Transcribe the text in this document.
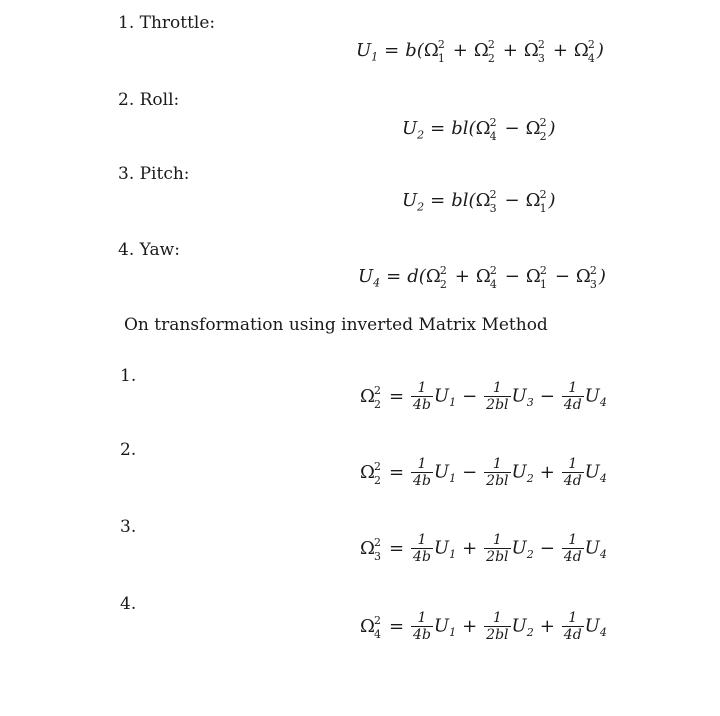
1. Throttle:
$U_1 = b(\Omega$ 2
1 + Ω 2
2 + Ω 2
3 + Ω 2
4 )
2. Roll:
$U_2 = bl(\Omega$ 2
4 − Ω 2
2 )
3. Pitch:
$U_2 = bl(\Omega$ 2
3 − Ω 2
1 )
4. Yaw:
$U_4 = d(\Omega$ 2
2 + Ω 2
4 − Ω 2
1 − Ω 2
3 )
On transformation using inverted Matrix Method
1.
Ω 2
$2 = \frac{1}{4b} U_1 - \frac{1}{2bl} U_3 - \frac{1}{4d} U_4$
2.
Ω 2
$2 = \frac{1}{4b} U_1 - \frac{1}{2bl} U_2 + \frac{1}{4d} U_4$
3.
Ω 2
$3 = \frac{1}{4b} U_1 + \frac{1}{2bl} U_2 - \frac{1}{4d} U_4$
4.
Ω 2
$4 = \frac{1}{4b} U_1 + \frac{1}{2bl} U_2 + \frac{1}{4d} U_4$
